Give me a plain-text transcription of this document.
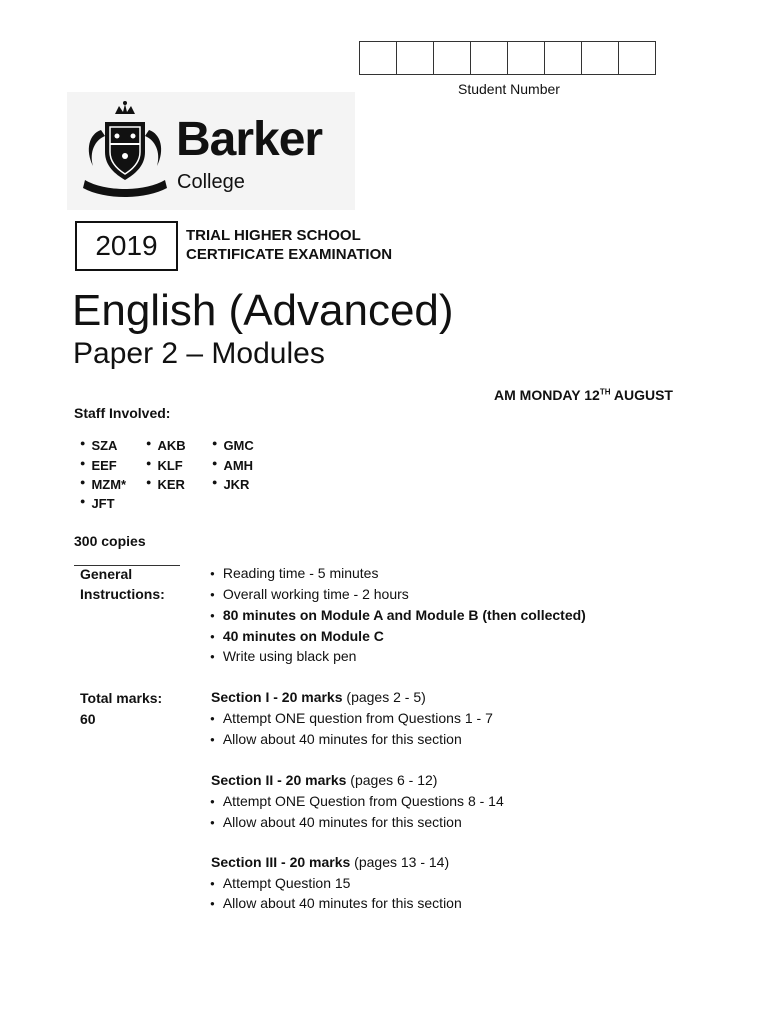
Student Number
Barker
College
2019	TRIAL HIGHER SCHOOL
CERTIFICATE EXAMINATION
English (Advanced)
Paper 2 – Modules
AM MONDAY 12TH AUGUST
Staff Involved:
● SZA
● EEF
● MZM*
● JFT
● AKB
● KLF
● KER
● GMC
● AMH
● JKR
300 copies
General
Instructions:
● Reading time - 5 minutes
● Overall working time - 2 hours
● 80 minutes on Module A and Module B (then collected)
● 40 minutes on Module C
● Write using black pen
Total marks:
60
Section I - 20 marks (pages 2 - 5)
● Attempt ONE question from Questions 1 - 7
● Allow about 40 minutes for this section
Section II - 20 marks (pages 6 - 12)
● Attempt ONE Question from Questions 8 - 14
● Allow about 40 minutes for this section
Section III - 20 marks (pages 13 - 14)
● Attempt Question 15
● Allow about 40 minutes for this section
